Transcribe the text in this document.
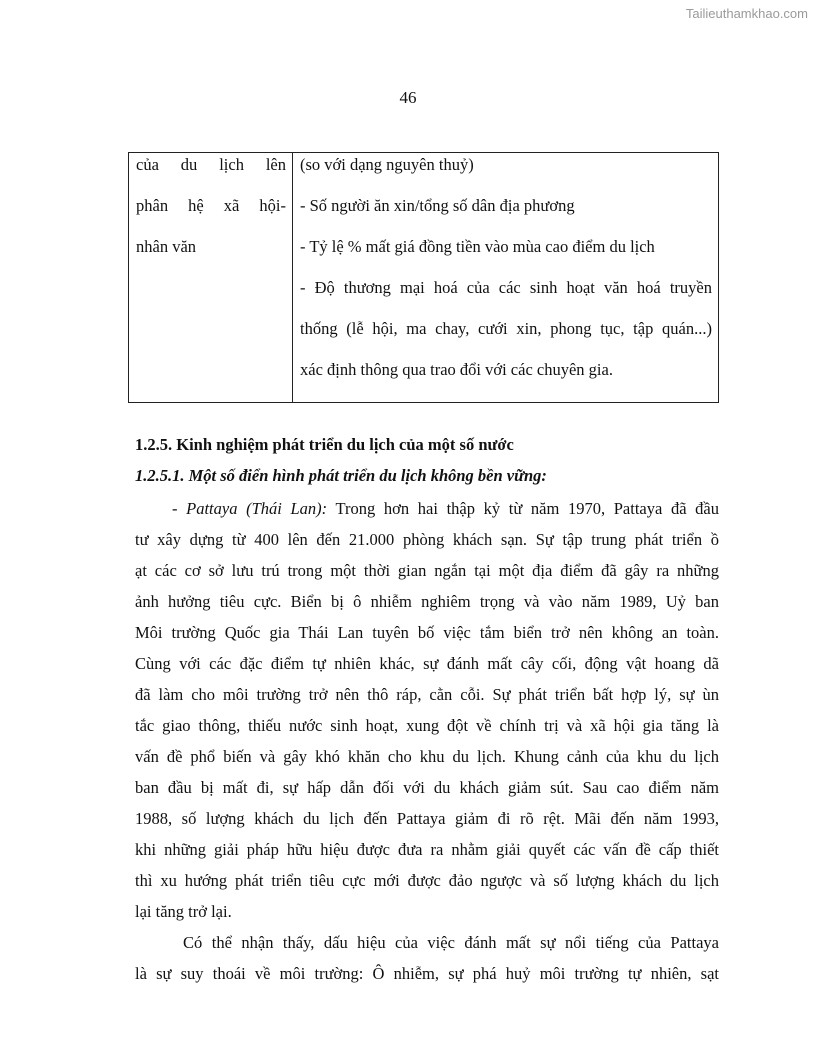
Tailieuthamkhao.com
46
của du lịch lên
phân hệ xã hội-
nhân văn

(so với dạng nguyên thuỷ)
- Số người ăn xin/tổng số dân địa phương
- Tỷ lệ % mất giá đồng tiền vào mùa cao điểm du lịch
- Độ thương mại hoá của các sinh hoạt văn hoá truyền
thống (lễ hội, ma chay, cưới xin, phong tục, tập quán...)
xác định thông qua trao đổi với các chuyên gia.
1.2.5. Kinh nghiệm phát triển du lịch của một số nước
1.2.5.1. Một số điển hình phát triển du lịch không bền vững:
- Pattaya (Thái Lan): Trong hơn hai thập kỷ từ năm 1970, Pattaya đã đầu
tư xây dựng từ 400 lên đến 21.000 phòng khách sạn. Sự tập trung phát triển ồ
ạt các cơ sở lưu trú trong một thời gian ngắn tại một địa điểm đã gây ra những
ảnh hưởng tiêu cực. Biển bị ô nhiễm nghiêm trọng và vào năm 1989, Uỷ ban
Môi trường Quốc gia Thái Lan tuyên bố việc tắm biển trở nên không an toàn.
Cùng với các đặc điểm tự nhiên khác, sự đánh mất cây cối, động vật hoang dã
đã làm cho môi trường trở nên thô ráp, cằn cỗi. Sự phát triển bất hợp lý, sự ùn
tắc giao thông, thiếu nước sinh hoạt, xung đột về chính trị và xã hội gia tăng là
vấn đề phổ biến và gây khó khăn cho khu du lịch. Khung cảnh của khu du lịch
ban đầu bị mất đi, sự hấp dẫn đối với du khách giảm sút. Sau cao điểm năm
1988, số lượng khách du lịch đến Pattaya giảm đi rõ rệt. Mãi đến năm 1993,
khi những giải pháp hữu hiệu được đưa ra nhằm giải quyết các vấn đề cấp thiết
thì xu hướng phát triển tiêu cực mới được đảo ngược và số lượng khách du lịch
lại tăng trở lại.
Có thể nhận thấy, dấu hiệu của việc đánh mất sự nổi tiếng của Pattaya
là sự suy thoái về môi trường: Ô nhiễm, sự phá huỷ môi trường tự nhiên, sạt
